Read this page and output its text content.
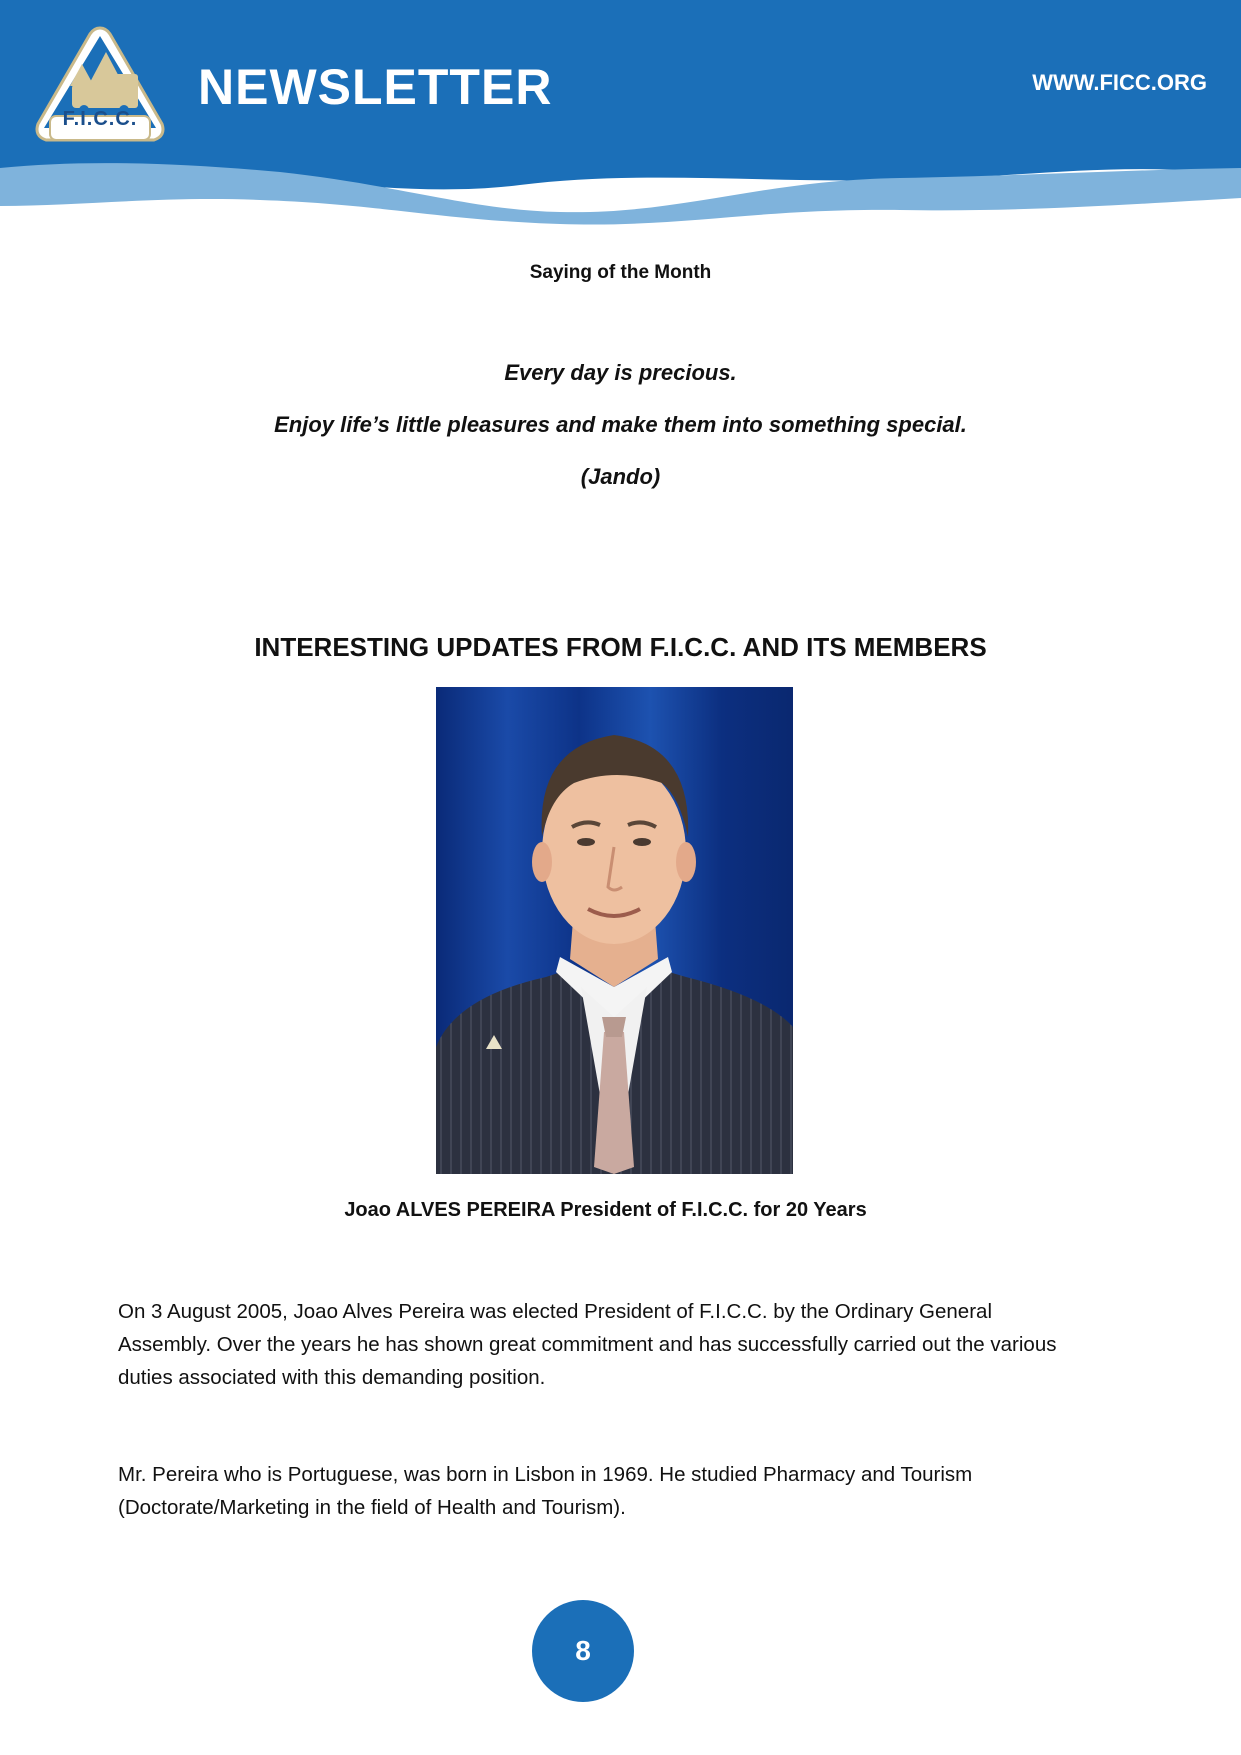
F.I.C.C.
NEWSLETTER	WWW.FICC.ORG
Saying of the Month
Every day is precious.
Enjoy life’s little pleasures and make them into something special.
(Jando)
INTERESTING UPDATES FROM F.I.C.C. AND ITS MEMBERS
Joao ALVES PEREIRA President of F.I.C.C. for 20 Years
On 3 August 2005, Joao Alves Pereira was elected President of F.I.C.C. by the Ordinary General Assembly. Over the years he has shown great commitment and has successfully carried out the various duties associated with this demanding position.
Mr. Pereira who is Portuguese, was born in Lisbon in 1969. He studied Pharmacy and Tourism (Doctorate/Marketing in the field of Health and Tourism).
8
